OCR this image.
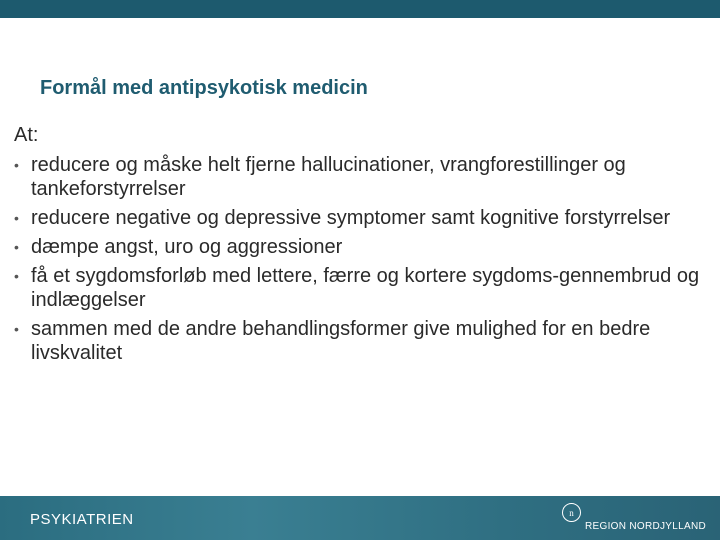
Formål med antipsykotisk medicin

At:

• reducere og måske helt fjerne hallucinationer, vrangforestillinger og tankeforstyrrelser
• reducere negative og depressive symptomer samt kognitive forstyrrelser
• dæmpe angst, uro og aggressioner
• få et sygdomsforløb med lettere, færre og kortere sygdoms-gennembrud og indlæggelser
• sammen med de andre behandlingsformer give mulighed for en bedre livskvalitet
PSYKIATRIEN	n
REGION NORDJYLLAND
